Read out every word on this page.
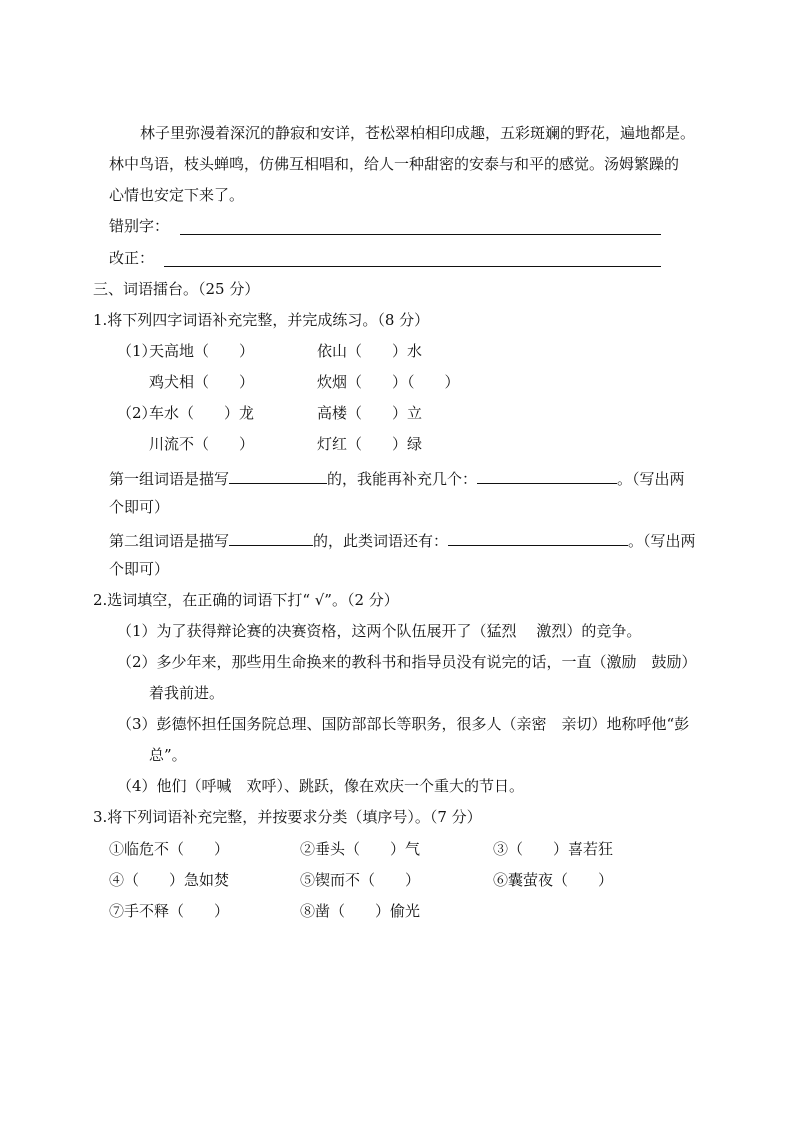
林子里弥漫着深沉的静寂和安详，苍松翠柏相印成趣，五彩斑斓的野花，遍地都是。
林中鸟语，枝头蝉鸣，仿佛互相唱和，给人一种甜密的安泰与和平的感觉。汤姆繁躁的
心情也安定下来了。
错别字：
改正：
三、词语擂台。（25 分）
1.将下列四字词语补充完整，并完成练习。（8 分）
（1）
天高地（　　）	依山（　　）水
鸡犬相（　　）	炊烟（　　）（　　）
（2）
车水（　　）龙	高楼（　　）立
川流不（　　）	灯红（　　）绿
第一组词语是描写	的，我能再补充几个：	。（写出两
个即可）
第二组词语是描写	的，此类词语还有：	。（写出两
个即可）
2.选词填空，在正确的词语下打“ √”。（2 分）
（1）为了获得辩论赛的决赛资格，这两个队伍展开了（猛烈　 激烈）的竞争。
（2）多少年来，那些用生命换来的教科书和指导员没有说完的话，一直（激励　鼓励）
着我前进。
（3）彭德怀担任国务院总理、国防部部长等职务，很多人（亲密　亲切）地称呼他“彭
总”。
（4）他们（呼喊　欢呼）、跳跃，像在欢庆一个重大的节日。
3.将下列词语补充完整，并按要求分类（填序号）。（7 分）
①临危不（　　）	②垂头（　　）气	③（　　）喜若狂
④（　　）急如焚	⑤锲而不（　　）	⑥囊萤夜（　　）
⑦手不释（　　）	⑧凿（　　）偷光
